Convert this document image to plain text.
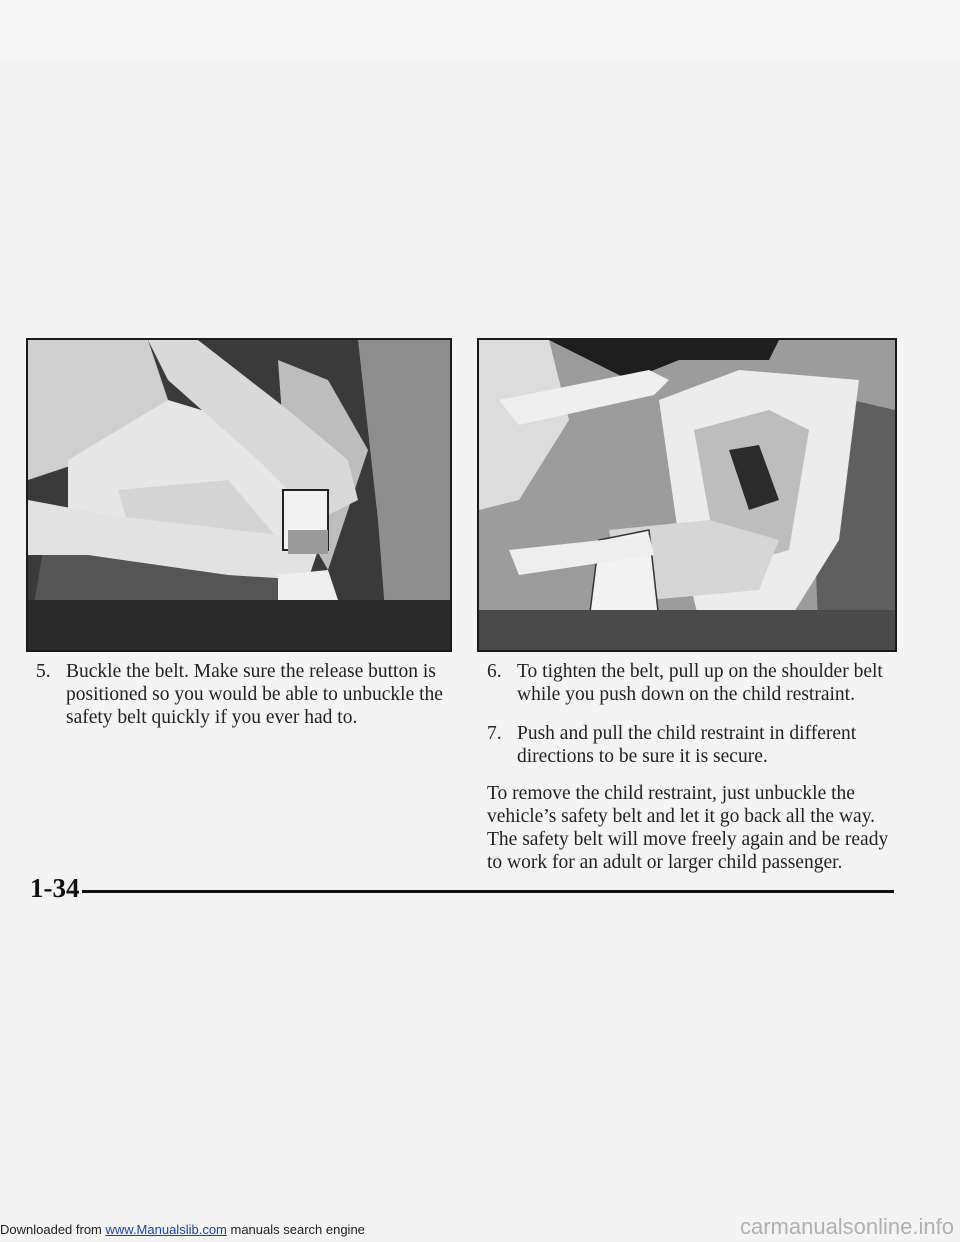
5. Buckle the belt. Make sure the release button is positioned so you would be able to unbuckle the safety belt quickly if you ever had to.
6. To tighten the belt, pull up on the shoulder belt while you push down on the child restraint.
7. Push and pull the child restraint in different directions to be sure it is secure.
To remove the child restraint, just unbuckle the vehicle’s safety belt and let it go back all the way. The safety belt will move freely again and be ready to work for an adult or larger child passenger.
1-34
Downloaded from www.Manualslib.com manuals search engine	carmanualsonline.info
